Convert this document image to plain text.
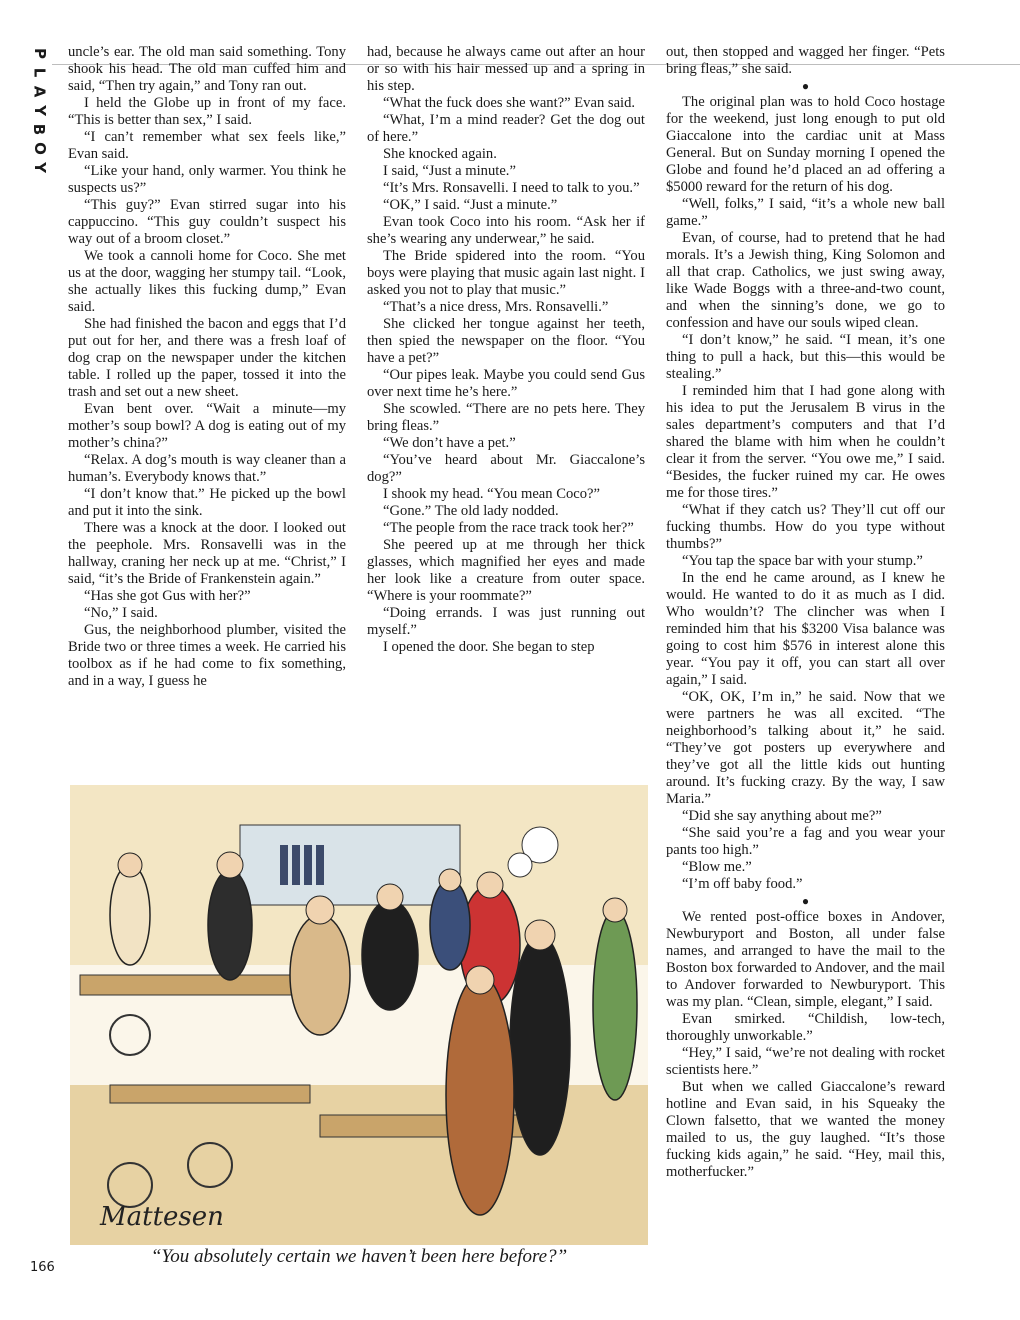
P
L
A
Y
B
O
Y

uncle’s ear. The old man said something. Tony shook his head. The old man cuffed him and said, “Then try again,” and Tony ran out.

I held the Globe up in front of my face. “This is better than sex,” I said.

“I can’t remember what sex feels like,” Evan said.

“Like your hand, only warmer. You think he suspects us?”

“This guy?” Evan stirred sugar into his cappuccino. “This guy couldn’t suspect his way out of a broom closet.”

We took a cannoli home for Coco. She met us at the door, wagging her stumpy tail. “Look, she actually likes this fucking dump,” Evan said.

She had finished the bacon and eggs that I’d put out for her, and there was a fresh loaf of dog crap on the newspaper under the kitchen table. I rolled up the paper, tossed it into the trash and set out a new sheet.

Evan bent over. “Wait a minute—my mother’s soup bowl? A dog is eating out of my mother’s china?”

“Relax. A dog’s mouth is way cleaner than a human’s. Everybody knows that.”

“I don’t know that.” He picked up the bowl and put it into the sink.

There was a knock at the door. I looked out the peephole. Mrs. Ronsavelli was in the hallway, craning her neck up at me. “Christ,” I said, “it’s the Bride of Frankenstein again.”

“Has she got Gus with her?”

“No,” I said.

Gus, the neighborhood plumber, visited the Bride two or three times a week. He carried his toolbox as if he had come to fix something, and in a way, I guess he

had, because he always came out after an hour or so with his hair messed up and a spring in his step.

“What the fuck does she want?” Evan said.

“What, I’m a mind reader? Get the dog out of here.”

She knocked again.

I said, “Just a minute.”

“It’s Mrs. Ronsavelli. I need to talk to you.”

“OK,” I said. “Just a minute.”

Evan took Coco into his room. “Ask her if she’s wearing any underwear,” he said.

The Bride spidered into the room. “You boys were playing that music again last night. I asked you not to play that music.”

“That’s a nice dress, Mrs. Ronsavelli.”

She clicked her tongue against her teeth, then spied the newspaper on the floor. “You have a pet?”

“Our pipes leak. Maybe you could send Gus over next time he’s here.”

She scowled. “There are no pets here. They bring fleas.”

“We don’t have a pet.”

“You’ve heard about Mr. Giaccalone’s dog?”

I shook my head. “You mean Coco?”

“Gone.” The old lady nodded.

“The people from the race track took her?”

She peered up at me through her thick glasses, which magnified her eyes and made her look like a creature from outer space. “Where is your roommate?”

“Doing errands. I was just running out myself.”

I opened the door. She began to step

out, then stopped and wagged her finger. “Pets bring fleas,” she said.

●

The original plan was to hold Coco hostage for the weekend, just long enough to put old Giaccalone into the cardiac unit at Mass General. But on Sunday morning I opened the Globe and found he’d placed an ad offering a $5000 reward for the return of his dog.

“Well, folks,” I said, “it’s a whole new ball game.”

Evan, of course, had to pretend that he had morals. It’s a Jewish thing, King Solomon and all that crap. Catholics, we just swing away, like Wade Boggs with a three-and-two count, and when the sinning’s done, we go to confession and have our souls wiped clean.

“I don’t know,” he said. “I mean, it’s one thing to pull a hack, but this—this would be stealing.”

I reminded him that I had gone along with his idea to put the Jerusalem B virus in the sales department’s computers and that I’d shared the blame with him when he couldn’t clear it from the server. “You owe me,” I said. “Besides, the fucker ruined my car. He owes me for those tires.”

“What if they catch us? They’ll cut off our fucking thumbs. How do you type without thumbs?”

“You tap the space bar with your stump.”

In the end he came around, as I knew he would. He wanted to do it as much as I did. Who wouldn’t? The clincher was when I reminded him that his $3200 Visa balance was going to cost him $576 in interest alone this year. “You pay it off, you can start all over again,” I said.

“OK, OK, I’m in,” he said. Now that we were partners he was all excited. “The neighborhood’s talking about it,” he said. “They’ve got posters up everywhere and they’ve got all the little kids out hunting around. It’s fucking crazy. By the way, I saw Maria.”

“Did she say anything about me?”

“She said you’re a fag and you wear your pants too high.”

“Blow me.”

“I’m off baby food.”

●

We rented post-office boxes in Andover, Newburyport and Boston, all under false names, and arranged to have the mail to the Boston box forwarded to Andover, and the mail to Andover forwarded to Newburyport. This was my plan. “Clean, simple, elegant,” I said.

Evan smirked. “Childish, low-tech, thoroughly unworkable.”

“Hey,” I said, “we’re not dealing with rocket scientists here.”

But when we called Giaccalone’s reward hotline and Evan said, in his Squeaky the Clown falsetto, that we wanted the money mailed to us, the guy laughed. “It’s those fucking kids again,” he said. “Hey, mail this, motherfucker.”

Mattesen
“You absolutely certain we haven’t been here before?”
166
